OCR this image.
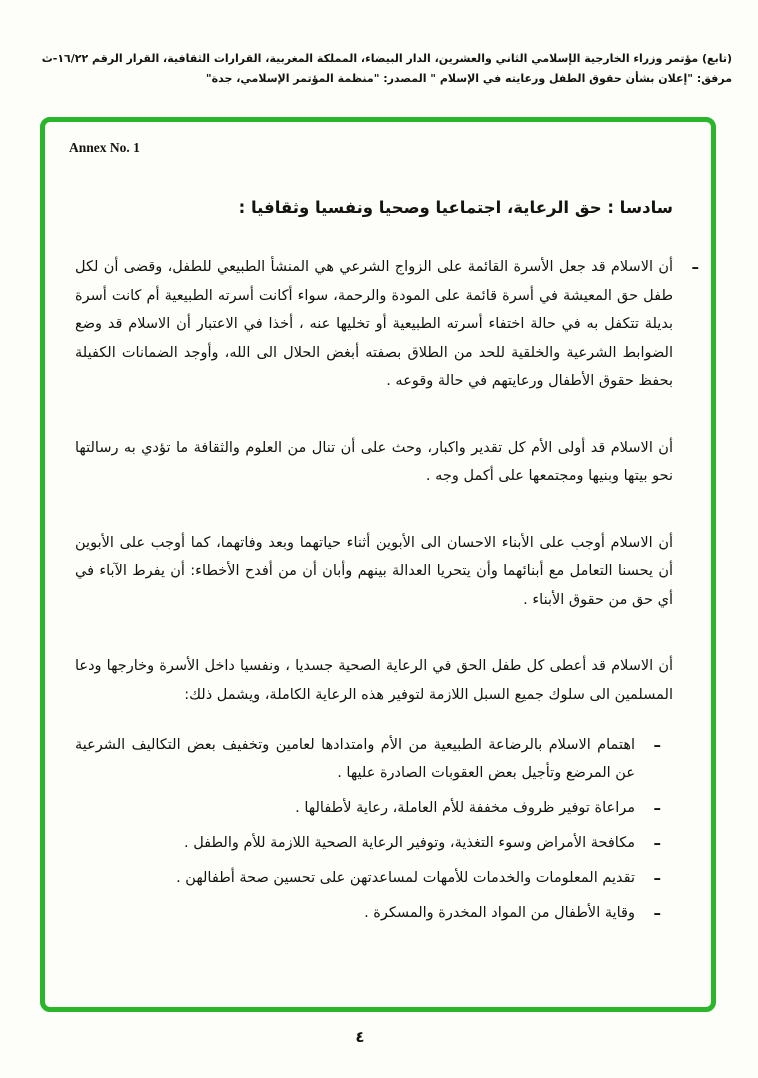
(تابع) مؤتمر وزراء الخارجية الإسلامي الثاني والعشرين، الدار البيضاء، المملكة المغربية، القرارات الثقافية، القرار الرقم ١٦/٢٢-ث
مرفق: "إعلان بشأن حقوق الطفل ورعايته في الإسلام " المصدر: "منظمة المؤتمر الإسلامي، جدة"
Annex No. 1
سادسا : حق الرعاية، اجتماعيا وصحيا ونفسيا وثقافيا :
–
أن الاسلام قد جعل الأسرة القائمة على الزواج الشرعي هي المنشأ الطبيعي للطفل، وقضى أن لكل طفل حق المعيشة في أسرة قائمة على المودة والرحمة، سواء أكانت أسرته الطبيعية أم كانت أسرة بديلة تتكفل به في حالة اختفاء أسرته الطبيعية أو تخليها عنه ، أخذا في الاعتبار أن الاسلام قد وضع الضوابط الشرعية والخلقية للحد من الطلاق بصفته أبغض الحلال الى الله، وأوجد الضمانات الكفيلة بحفظ حقوق الأطفال ورعايتهم في حالة وقوعه .
أن الاسلام قد أولى الأم كل تقدير واكبار، وحث على أن تنال من العلوم والثقافة ما تؤدي به رسالتها نحو بيتها وبنيها ومجتمعها على أكمل وجه .
أن الاسلام أوجب على الأبناء الاحسان الى الأبوين أثناء حياتهما وبعد وفاتهما، كما أوجب على الأبوين أن يحسنا التعامل مع أبنائهما وأن يتحريا العدالة بينهم وأبان أن من أفدح الأخطاء: أن يفرط الآباء في أي حق من حقوق الأبناء .
أن الاسلام قد أعطى كل طفل الحق في الرعاية الصحية جسديا ، ونفسيا داخل الأسرة وخارجها ودعا المسلمين الى سلوك جميع السبل اللازمة لتوفير هذه الرعاية الكاملة، ويشمل ذلك:
–
اهتمام الاسلام بالرضاعة الطبيعية من الأم وامتدادها لعامين وتخفيف بعض التكاليف الشرعية عن المرضع وتأجيل بعض العقوبات الصادرة عليها .
–
مراعاة توفير ظروف مخففة للأم العاملة، رعاية لأطفالها .
–
مكافحة الأمراض وسوء التغذية، وتوفير الرعاية الصحية اللازمة للأم والطفل .
–
تقديم المعلومات والخدمات للأمهات لمساعدتهن على تحسين صحة أطفالهن .
–
وقاية الأطفال من المواد المخدرة والمسكرة .
٤
